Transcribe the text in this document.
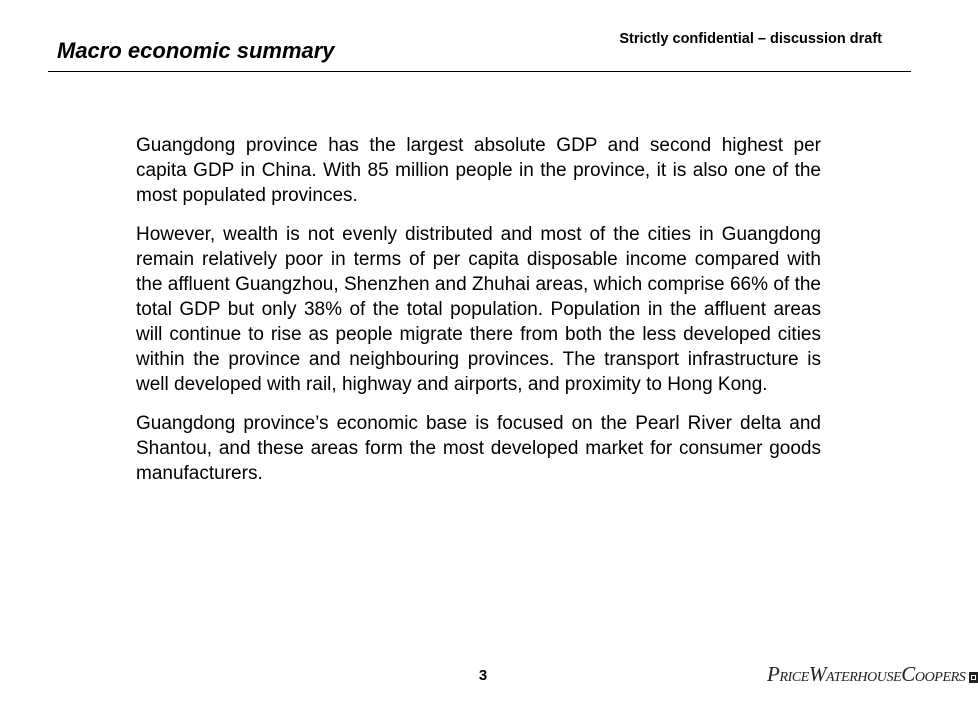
Macro economic summary	Strictly confidential – discussion draft

Guangdong province has the largest absolute GDP and second highest per capita GDP in China. With 85 million people in the province, it is also one of the most populated provinces.

However, wealth is not evenly distributed and most of the cities in Guangdong remain relatively poor in terms of per capita disposable income compared with the affluent Guangzhou, Shenzhen and Zhuhai areas, which comprise 66% of the total GDP but only 38% of the total population. Population in the affluent areas will continue to rise as people migrate there from both the less developed cities within the province and neighbouring provinces. The transport infrastructure is well developed with rail, highway and airports, and proximity to Hong Kong.

Guangdong province’s economic base is focused on the Pearl River delta and Shantou, and these areas form the most developed market for consumer goods manufacturers.

3	PRICEWATERHOUSECOOPERS
